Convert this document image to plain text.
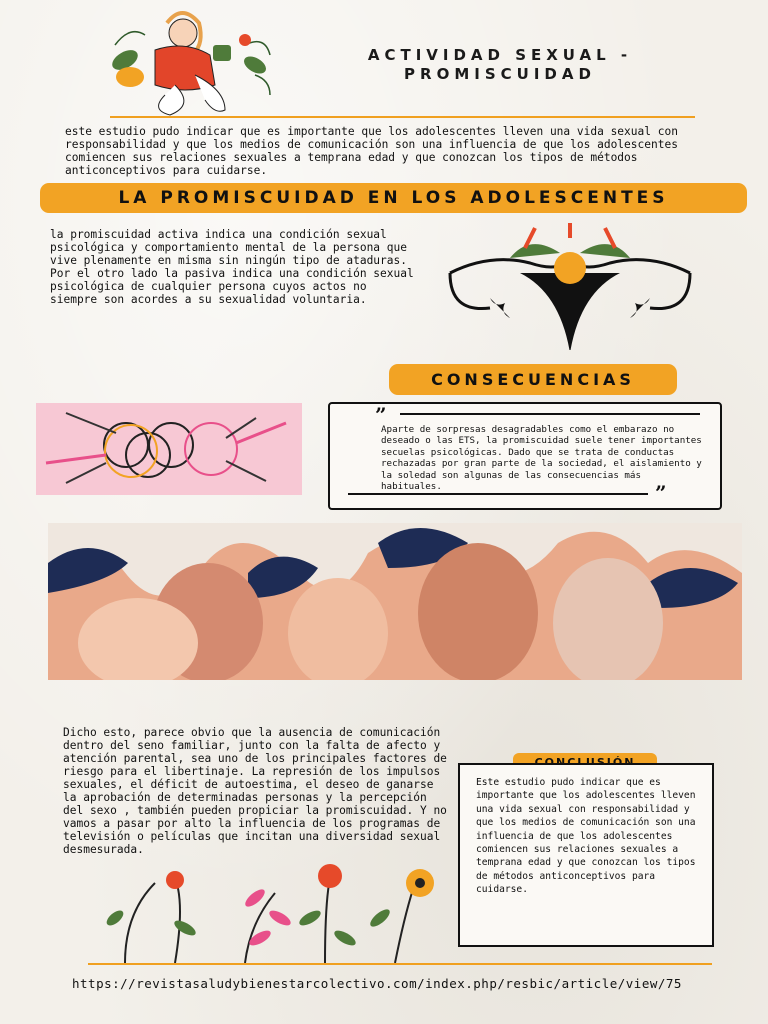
ACTIVIDAD SEXUAL -
PROMISCUIDAD
este estudio pudo indicar que es importante que los adolescentes lleven una vida sexual con responsabilidad y que los medios de comunicación son una influencia de que los adolescentes comiencen sus relaciones sexuales a temprana edad y que conozcan los tipos de métodos anticonceptivos para cuidarse.
LA PROMISCUIDAD EN LOS ADOLESCENTES
la promiscuidad activa indica una condición sexual psicológica y comportamiento mental de la persona que vive plenamente en misma sin ningún tipo de ataduras. Por el otro lado la pasiva indica una condición sexual psicológica de cualquier persona cuyos actos no siempre son acordes a su sexualidad voluntaria.
CONSECUENCIAS
”
Aparte de sorpresas desagradables como el embarazo no deseado o las ETS, la promiscuidad suele tener importantes secuelas psicológicas. Dado que se trata de conductas rechazadas por gran parte de la sociedad, el aislamiento y la soledad son algunas de las consecuencias más habituales.	”
Dicho esto, parece obvio que la ausencia de comunicación dentro del seno familiar, junto con la falta de afecto y atención parental, sea uno de los principales factores de riesgo para el libertinaje. La represión de los impulsos sexuales, el déficit de autoestima, el deseo de ganarse la aprobación de determinadas personas y la percepción del sexo , también pueden propiciar la promiscuidad. Y no vamos a pasar por alto la influencia de los programas de televisión o películas que incitan una diversidad sexual desmesurada.
Este estudio pudo indicar que es importante que los adolescentes lleven una vida sexual con responsabilidad y que los medios de comunicación son una influencia de que los adolescentes comiencen sus relaciones sexuales a temprana edad y que conozcan los tipos de métodos anticonceptivos para cuidarse.
https://revistasaludybienestarcolectivo.com/index.php/resbic/article/view/75
